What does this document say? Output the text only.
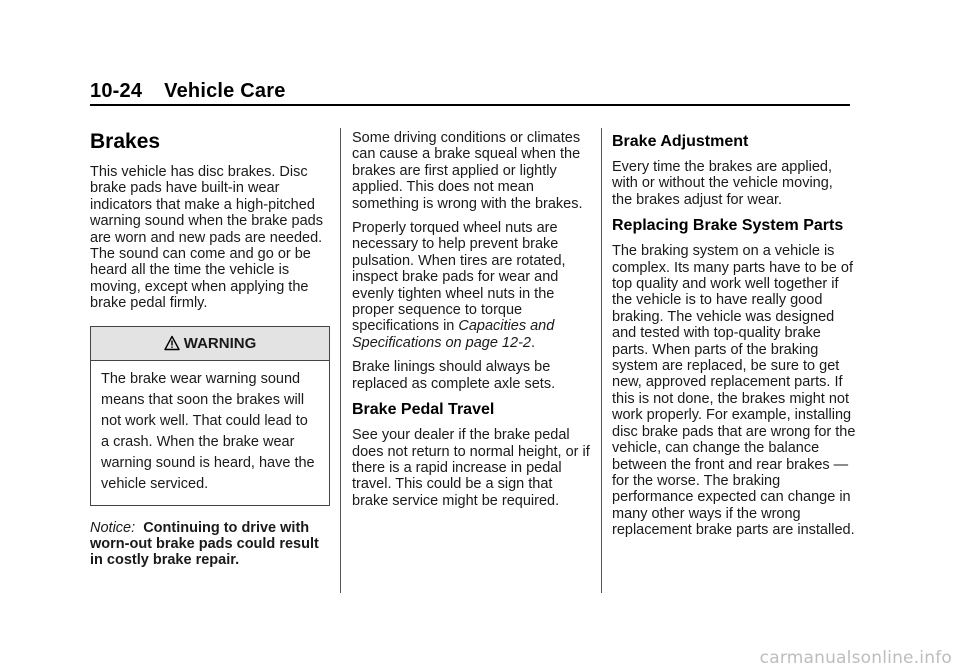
10-24 Vehicle Care
Brakes

This vehicle has disc brakes. Disc brake pads have built-in wear indicators that make a high-pitched warning sound when the brake pads are worn and new pads are needed. The sound can come and go or be heard all the time the vehicle is moving, except when applying the brake pedal firmly.

WARNING
The brake wear warning sound means that soon the brakes will not work well. That could lead to a crash. When the brake wear warning sound is heard, have the vehicle serviced.

Notice: Continuing to drive with worn-out brake pads could result in costly brake repair.

Some driving conditions or climates can cause a brake squeal when the brakes are first applied or lightly applied. This does not mean something is wrong with the brakes.

Properly torqued wheel nuts are necessary to help prevent brake pulsation. When tires are rotated, inspect brake pads for wear and evenly tighten wheel nuts in the proper sequence to torque specifications in Capacities and Specifications on page 12-2.

Brake linings should always be replaced as complete axle sets.

Brake Pedal Travel

See your dealer if the brake pedal does not return to normal height, or if there is a rapid increase in pedal travel. This could be a sign that brake service might be required.

Brake Adjustment

Every time the brakes are applied, with or without the vehicle moving, the brakes adjust for wear.

Replacing Brake System Parts

The braking system on a vehicle is complex. Its many parts have to be of top quality and work well together if the vehicle is to have really good braking. The vehicle was designed and tested with top-quality brake parts. When parts of the braking system are replaced, be sure to get new, approved replacement parts. If this is not done, the brakes might not work properly. For example, installing disc brake pads that are wrong for the vehicle, can change the balance between the front and rear brakes — for the worse. The braking performance expected can change in many other ways if the wrong replacement brake parts are installed.

carmanualsonline.info
